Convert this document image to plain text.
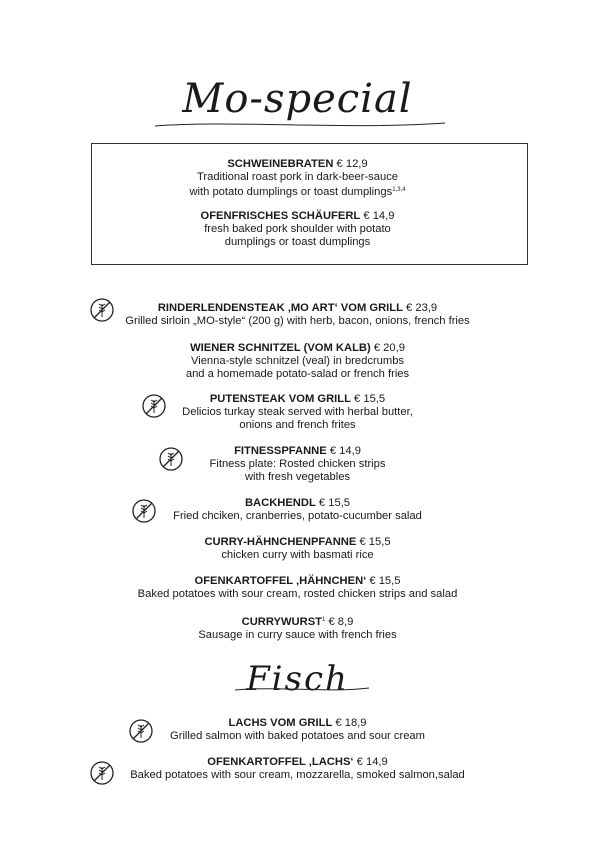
Mo-special
SCHWEINEBRATEN € 12,9
Traditional roast pork in dark-beer-sauce
with potato dumplings or toast dumplings$^{1,3,4}$
OFENFRISCHES SCHÄUFERL € 14,9
fresh baked pork shoulder with potato
dumplings or toast dumplings
RINDERLENDENSTEAK ‚MO ART‘ VOM GRILL € 23,9
Grilled sirloin „MO-style“ (200 g) with herb, bacon, onions, french fries
WIENER SCHNITZEL (VOM KALB) € 20,9
Vienna-style schnitzel (veal) in bredcrumbs
and a homemade potato-salad or french fries
PUTENSTEAK VOM GRILL € 15,5
Delicios turkay steak served with herbal butter,
onions and french frites
FITNESSPFANNE € 14,9
Fitness plate: Rosted chicken strips
with fresh vegetables
BACKHENDL € 15,5
Fried chciken, cranberries, potato-cucumber salad
CURRY-HÄHNCHENPFANNE € 15,5
chicken curry with basmati rice
OFENKARTOFFEL ‚HÄHNCHEN‘ € 15,5
Baked potatoes with sour cream, rosted chicken strips and salad
CURRYWURST$^1$ € 8,9
Sausage in curry sauce with french fries
Fisch
LACHS VOM GRILL € 18,9
Grilled salmon with baked potatoes and sour cream
OFENKARTOFFEL ‚LACHS‘ € 14,9
Baked potatoes with sour cream, mozzarella, smoked salmon,salad
